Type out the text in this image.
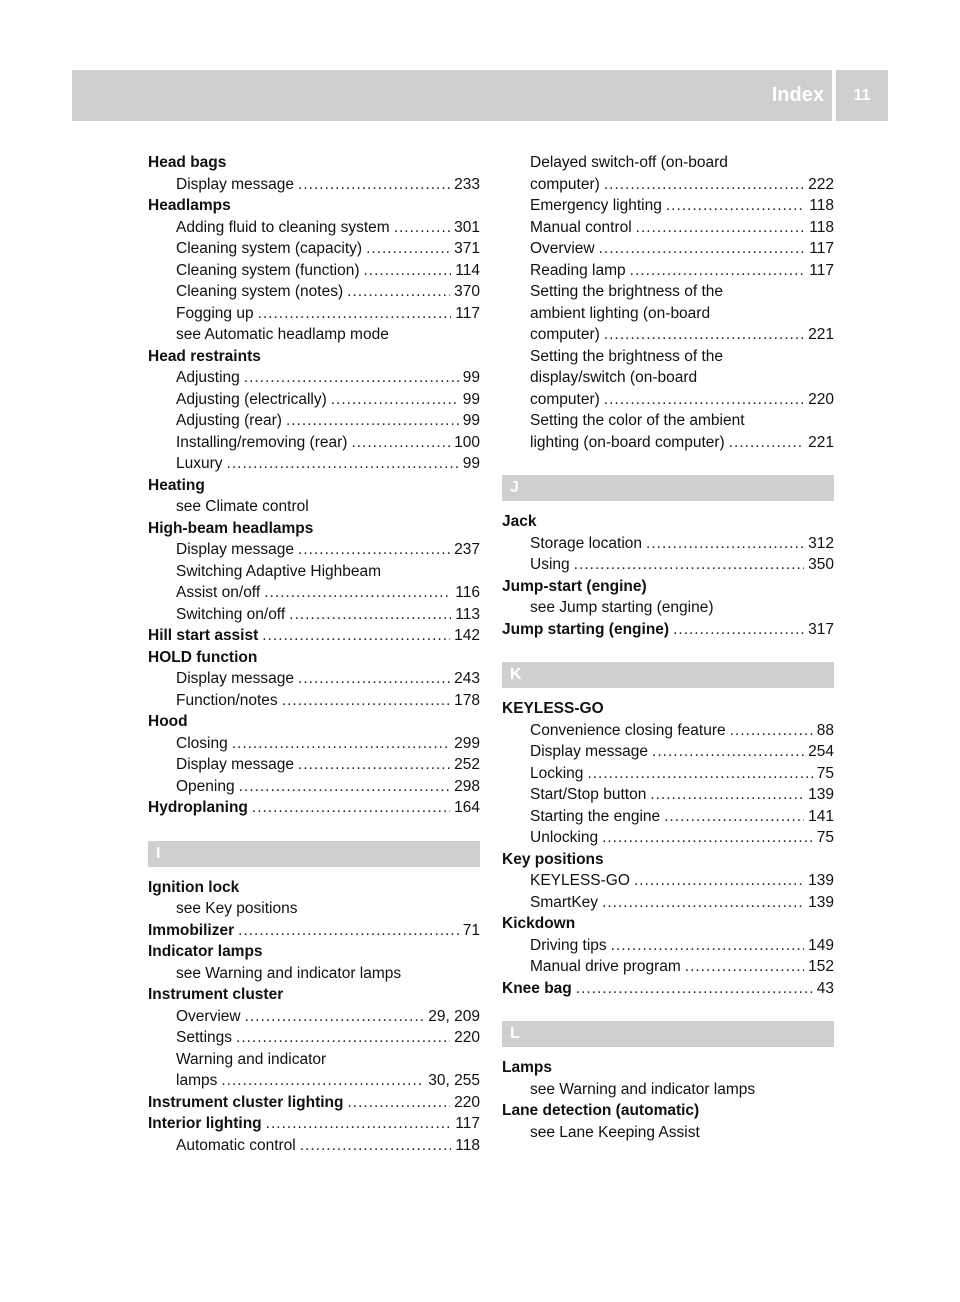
Index	11
Head bags
Display message .....	233
Headlamps
Adding fluid to cleaning system .....	301
Cleaning system (capacity) .....	371
Cleaning system (function) .....	114
Cleaning system (notes) .....	370
Fogging up .....	117
see Automatic headlamp mode
Head restraints
Adjusting .....	99
Adjusting (electrically) .....	99
Adjusting (rear) .....	99
Installing/removing (rear) .....	100
Luxury .....	99
Heating
see Climate control
High-beam headlamps
Display message .....	237
Switching Adaptive Highbeam
Assist on/off .....	116
Switching on/off .....	113
Hill start assist .....	142
HOLD function
Display message .....	243
Function/notes .....	178
Hood
Closing .....	299
Display message .....	252
Opening .....	298
Hydroplaning .....	164
I
Ignition lock
see Key positions
Immobilizer .....	71
Indicator lamps
see Warning and indicator lamps
Instrument cluster
Overview .....	29, 209
Settings .....	220
Warning and indicator
lamps .....	30, 255
Instrument cluster lighting .....	220
Interior lighting .....	117
Automatic control .....	118
Delayed switch-off (on-board
computer) .....	222
Emergency lighting .....	118
Manual control .....	118
Overview .....	117
Reading lamp .....	117
Setting the brightness of the
ambient lighting (on-board
computer) .....	221
Setting the brightness of the
display/switch (on-board
computer) .....	220
Setting the color of the ambient
lighting (on-board computer) .....	221
J
Jack
Storage location .....	312
Using .....	350
Jump-start (engine)
see Jump starting (engine)
Jump starting (engine) .....	317
K
KEYLESS-GO
Convenience closing feature .....	88
Display message .....	254
Locking .....	75
Start/Stop button .....	139
Starting the engine .....	141
Unlocking .....	75
Key positions
KEYLESS-GO .....	139
SmartKey .....	139
Kickdown
Driving tips .....	149
Manual drive program .....	152
Knee bag .....	43
L
Lamps
see Warning and indicator lamps
Lane detection (automatic)
see Lane Keeping Assist
